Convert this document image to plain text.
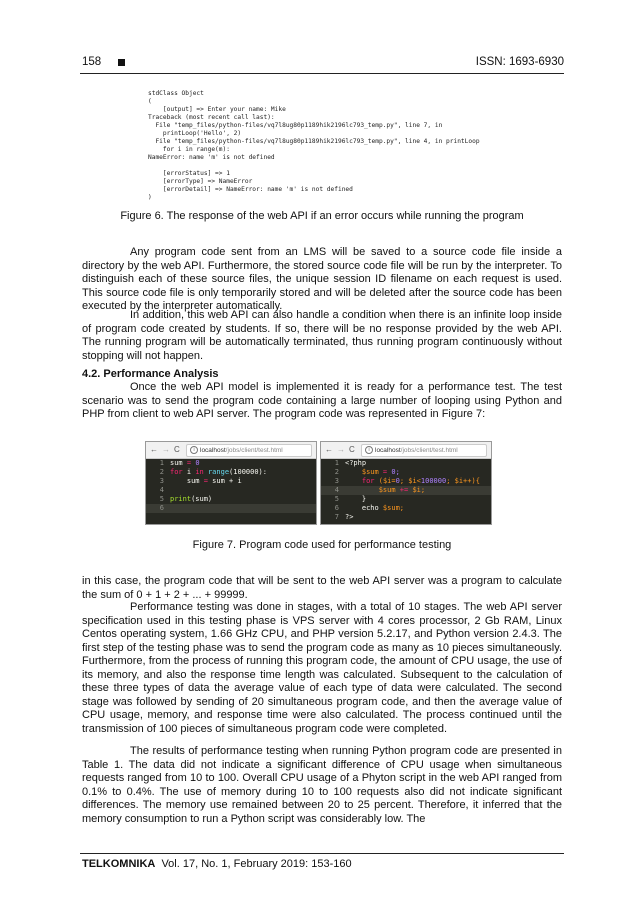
158	ISSN: 1693-6930
stdClass Object
(
[output] => Enter your name: Mike
Traceback (most recent call last):
File "temp_files/python-files/vq7l8ug80p1189hik2196lc793_temp.py", line 7, in
printLoop('Hello', 2)
File "temp_files/python-files/vq7l8ug80p1189hik2196lc793_temp.py", line 4, in printLoop
for i in range(m):
NameError: name 'm' is not defined

[errorStatus] => 1
[errorType] => NameError
[errorDetail] => NameError: name 'm' is not defined
)
Figure 6. The response of the web API if an error occurs while running the program

Any program code sent from an LMS will be saved to a source code file inside a directory by the web API. Furthermore, the stored source code file will be run by the interpreter. To distinguish each of these source files, the unique session ID filename on each request is used. This source code file is only temporarily stored and will be deleted after the source code has been executed by the interpreter automatically.

In addition, this web API can also handle a condition when there is an infinite loop inside of program code created by students. If so, there will be no response provided by the web API. The running program will be automatically terminated, thus running program continuously without stopping will not happen.

4.2. Performance Analysis

Once the web API model is implemented it is ready for a performance test. The test scenario was to send the program code containing a large number of looping using Python and PHP from client to web API server. The program code was represented in Figure 7:

← → C	i localhost/jobs/client/test.html
1 sum = 0
2 for i in range(100000):
3    sum = sum + i
4
5 print(sum)
6
← → C	i localhost/jobs/client/test.html
1 <?php
2    $sum = 0;
3    for ($i=0; $i<100000; $i++){
4        $sum += $i;
5    }
6    echo $sum;
7 ?>
Figure 7. Program code used for performance testing

in this case, the program code that will be sent to the web API server was a program to calculate the sum of 0 + 1 + 2 + ... + 99999.

Performance testing was done in stages, with a total of 10 stages. The web API server specification used in this testing phase is VPS server with 4 cores processor, 2 Gb RAM, Linux Centos operating system, 1.66 GHz CPU, and PHP version 5.2.17, and Python version 2.4.3. The first step of the testing phase was to send the program code as many as 10 pieces simultaneously. Furthermore, from the process of running this program code, the amount of CPU usage, the use of its memory, and also the response time length was calculated. Subsequent to the calculation of these three types of data the average value of each type of data were calculated. The second stage was followed by sending of 20 simultaneous program code, and then the average value of CPU usage, memory, and response time were also calculated. The process continued until the transmission of 100 pieces of simultaneous program code were completed.

The results of performance testing when running Python program code are presented in Table 1. The data did not indicate a significant difference of CPU usage when simultaneous requests ranged from 10 to 100. Overall CPU usage of a Phyton script in the web API ranged from 0.1% to 0.4%. The use of memory during 10 to 100 requests also did not indicate significant differences. The memory use remained between 20 to 25 percent. Therefore, it inferred that the memory consumption to run a Python script was considerably low. The

TELKOMNIKA Vol. 17, No. 1, February 2019: 153-160
